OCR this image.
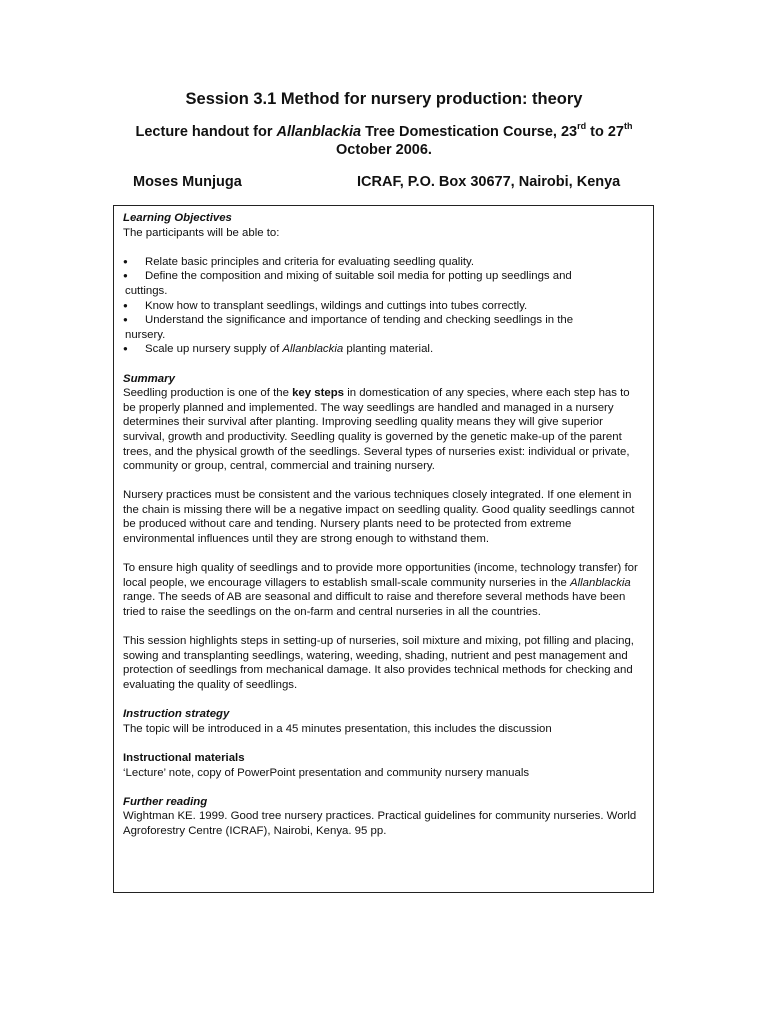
Session 3.1 Method for nursery production: theory
Lecture handout for Allanblackia Tree Domestication Course, 23rd to 27th
October 2006.
Moses Munjuga	ICRAF, P.O. Box 30677, Nairobi, Kenya

Learning Objectives

The participants will be able to:

● Relate basic principles and criteria for evaluating seedling quality.
● Define the composition and mixing of suitable soil media for potting up seedlings and
cuttings.
● Know how to transplant seedlings, wildings and cuttings into tubes correctly.
● Understand the significance and importance of tending and checking seedlings in the
nursery.
● Scale up nursery supply of Allanblackia planting material.

Summary

Seedling production is one of the key steps in domestication of any species, where each step has to be properly planned and implemented. The way seedlings are handled and managed in a nursery determines their survival after planting. Improving seedling quality means they will give superior survival, growth and productivity. Seedling quality is governed by the genetic make-up of the parent trees, and the physical growth of the seedlings. Several types of nurseries exist: individual or private, community or group, central, commercial and training nursery.

Nursery practices must be consistent and the various techniques closely integrated. If one element in the chain is missing there will be a negative impact on seedling quality. Good quality seedlings cannot be produced without care and tending. Nursery plants need to be protected from extreme environmental influences until they are strong enough to withstand them.

To ensure high quality of seedlings and to provide more opportunities (income, technology transfer) for local people, we encourage villagers to establish small-scale community nurseries in the Allanblackia range. The seeds of AB are seasonal and difficult to raise and therefore several methods have been tried to raise the seedlings on the on-farm and central nurseries in all the countries.

This session highlights steps in setting-up of nurseries, soil mixture and mixing, pot filling and placing, sowing and transplanting seedlings, watering, weeding, shading, nutrient and pest management and protection of seedlings from mechanical damage. It also provides technical methods for checking and evaluating the quality of seedlings.

Instruction strategy

The topic will be introduced in a 45 minutes presentation, this includes the discussion

Instructional materials

‘Lecture’ note, copy of PowerPoint presentation and community nursery manuals

Further reading

Wightman KE. 1999. Good tree nursery practices. Practical guidelines for community nurseries. World Agroforestry Centre (ICRAF), Nairobi, Kenya. 95 pp.
